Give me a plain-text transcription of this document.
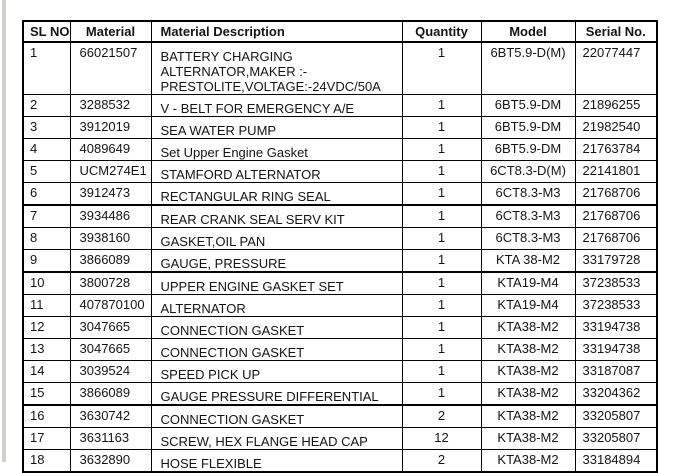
SL NO	Material	Material Description	Quantity	Model	Serial No.
1	66021507	BATTERY CHARGING ALTERNATOR,MAKER :- PRESTOLITE,VOLTAGE:-24VDC/50A	1	6BT5.9-D(M)	22077447
2	3288532	V - BELT FOR EMERGENCY A/E	1	6BT5.9-DM	21896255
3	3912019	SEA WATER PUMP	1	6BT5.9-DM	21982540
4	4089649	Set Upper Engine Gasket	1	6BT5.9-DM	21763784
5	UCM274E1	STAMFORD ALTERNATOR	1	6CT8.3-D(M)	22141801
6	3912473	RECTANGULAR RING SEAL	1	6CT8.3-M3	21768706
7	3934486	REAR CRANK SEAL SERV KIT	1	6CT8.3-M3	21768706
8	3938160	GASKET,OIL PAN	1	6CT8.3-M3	21768706
9	3866089	GAUGE, PRESSURE	1	KTA 38-M2	33179728
10	3800728	UPPER ENGINE GASKET SET	1	KTA19-M4	37238533
11	407870100	ALTERNATOR	1	KTA19-M4	37238533
12	3047665	CONNECTION GASKET	1	KTA38-M2	33194738
13	3047665	CONNECTION GASKET	1	KTA38-M2	33194738
14	3039524	SPEED PICK UP	1	KTA38-M2	33187087
15	3866089	GAUGE PRESSURE DIFFERENTIAL	1	KTA38-M2	33204362
16	3630742	CONNECTION GASKET	2	KTA38-M2	33205807
17	3631163	SCREW, HEX FLANGE HEAD CAP	12	KTA38-M2	33205807
18	3632890	HOSE FLEXIBLE	2	KTA38-M2	33184894
